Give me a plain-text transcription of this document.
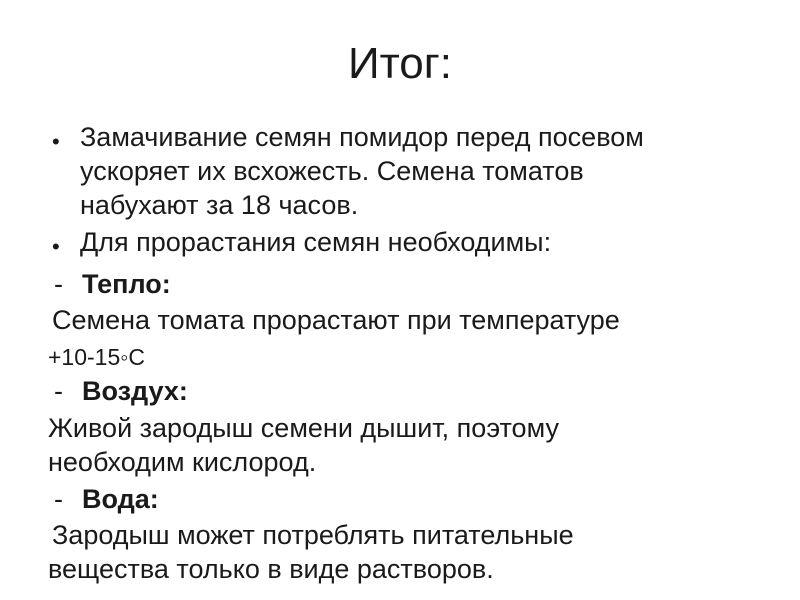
Итог:
• Замачивание семян помидор перед посевом
ускоряет их всхожесть. Семена томатов
набухают за 18 часов.
• Для прорастания семян необходимы:
- Тепло:
Семена томата прорастают при температуре
+10-15◦С
- Воздух:
Живой зародыш семени дышит, поэтому
необходим кислород.
- Вода:
Зародыш может потреблять питательные
вещества только в виде растворов.
